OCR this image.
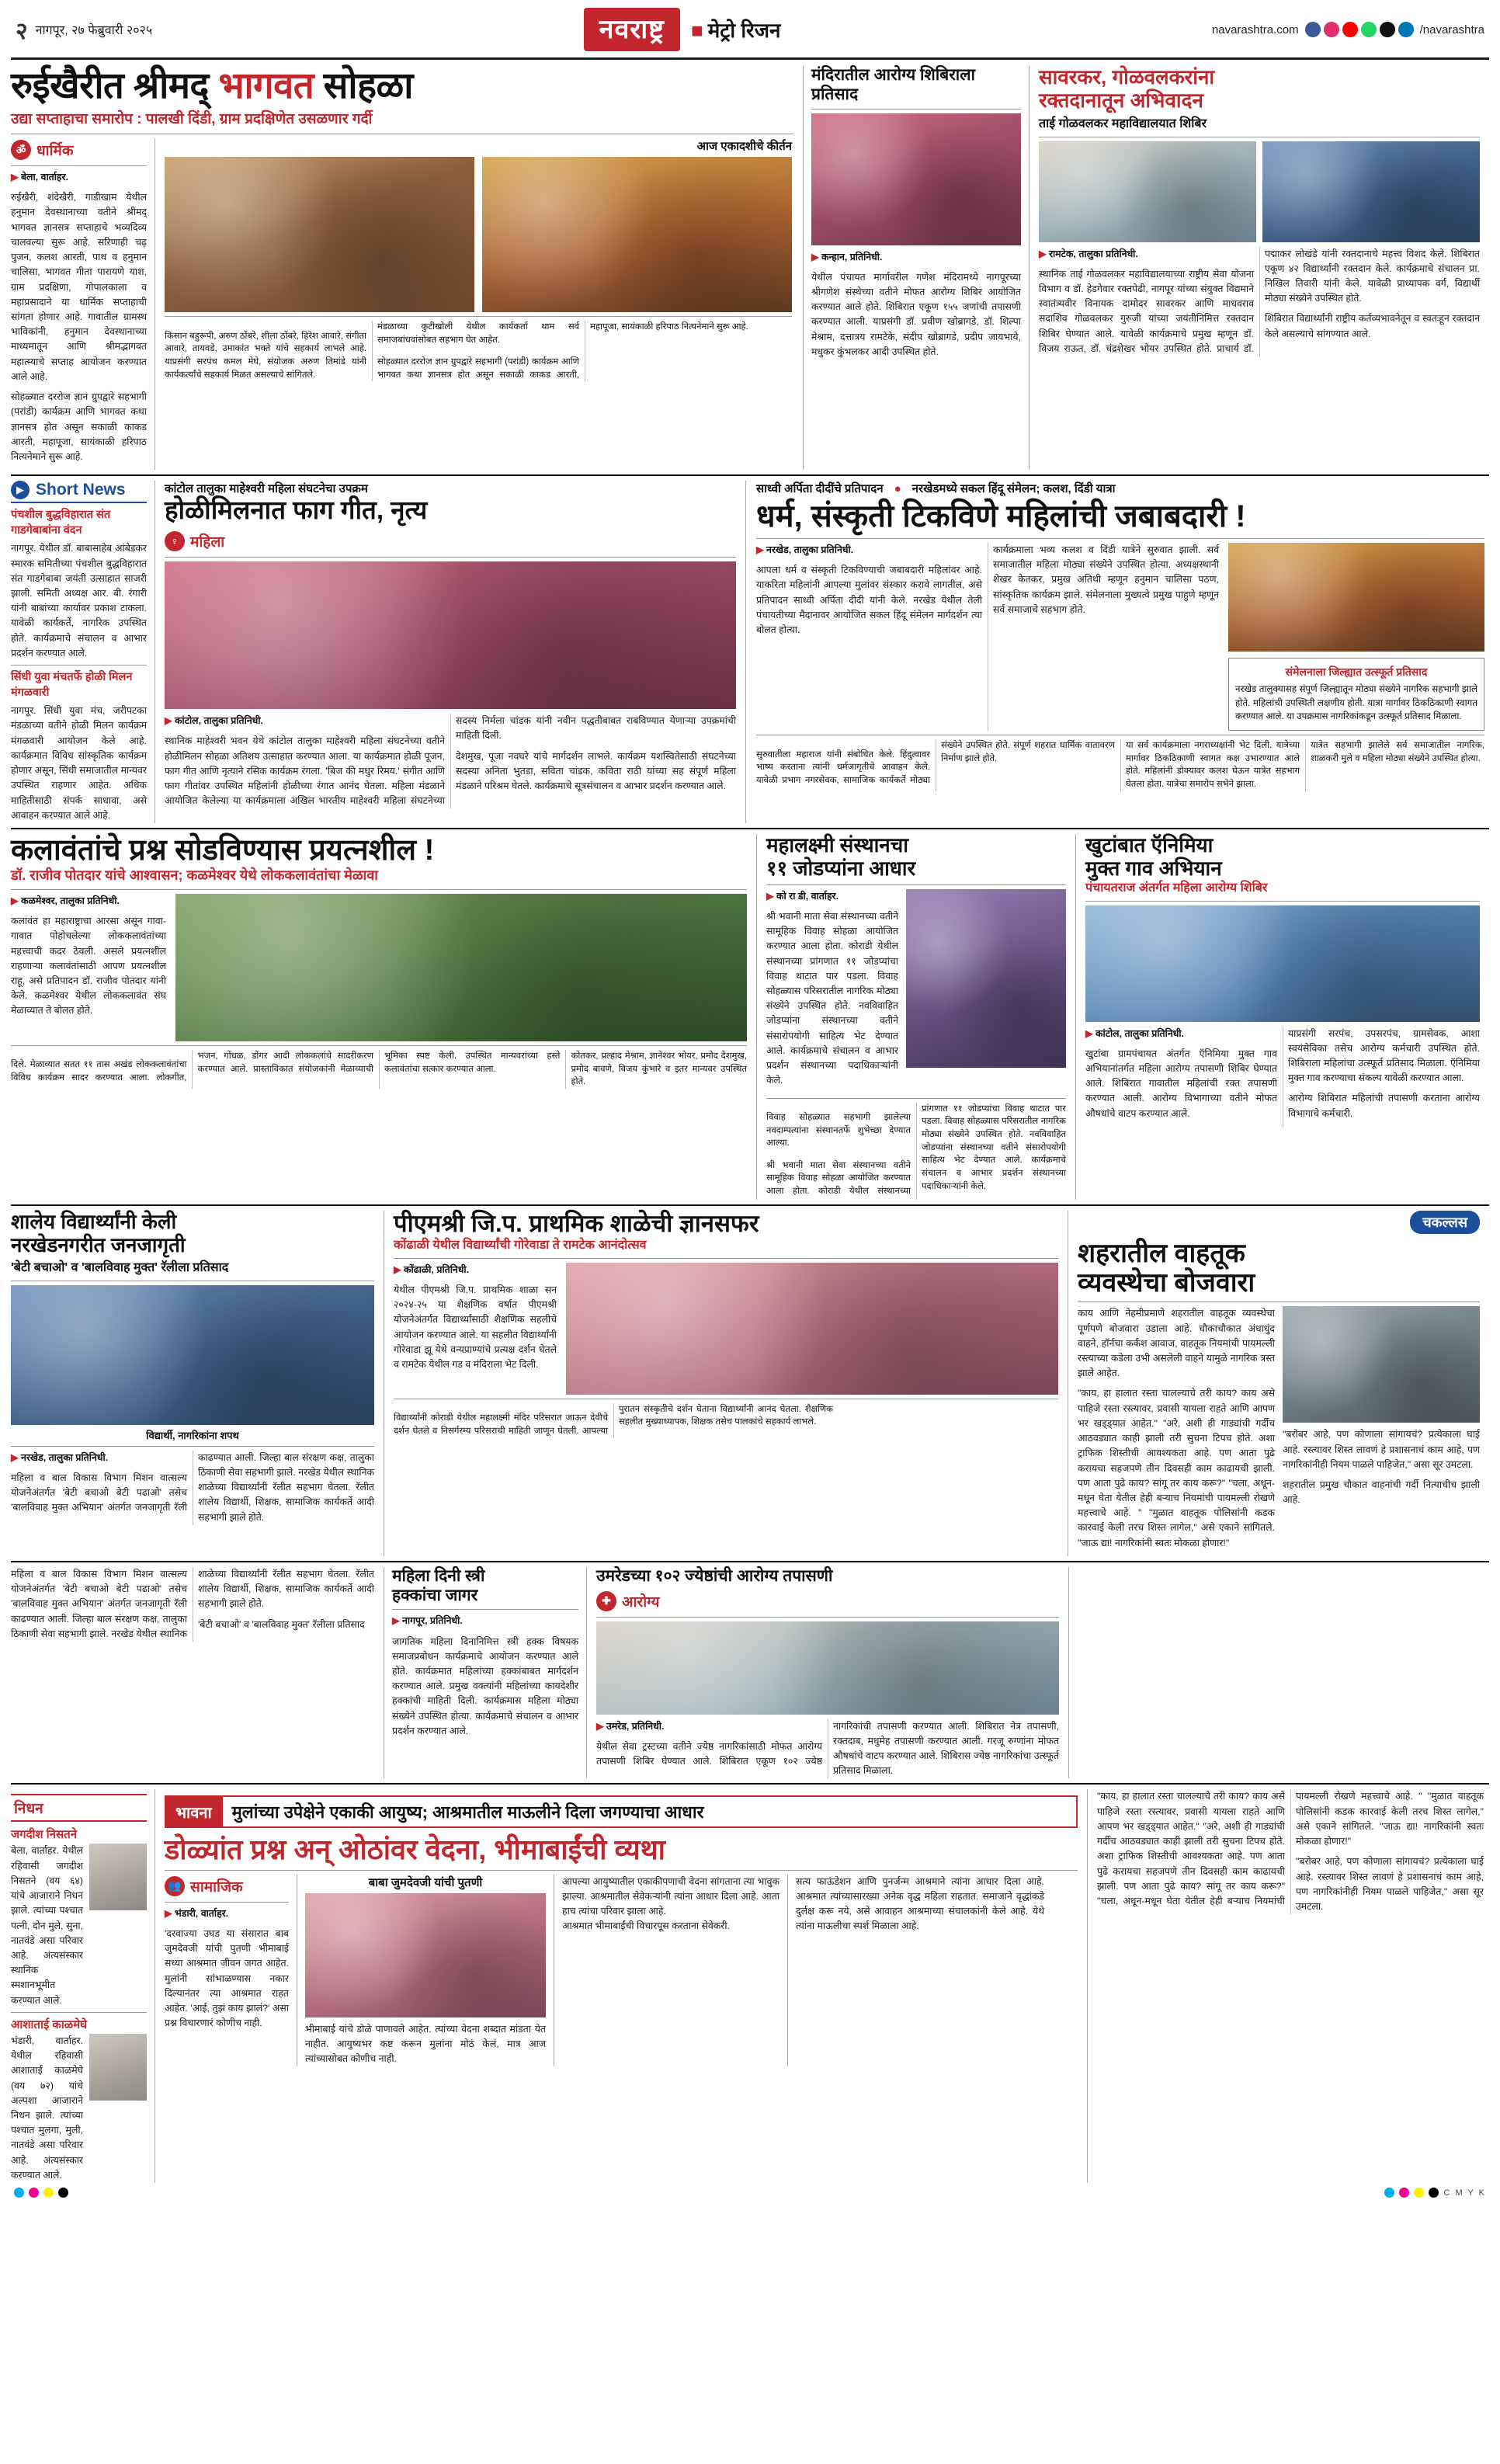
२ नागपूर, २७ फेब्रुवारी २०२५	नवराष्ट्र	■ मेट्रो रिजन	navarashtra.com	/navarashtra
रुईखैरीत श्रीमद् भागवत सोहळा
उद्या सप्ताहाचा समारोप : पालखी दिंडी, ग्राम प्रदक्षिणेत उसळणार गर्दी
ॐ धार्मिक

▶ बेला, वार्ताहर.

रुईखैरी, शंदेखैरी, गाडीखाम येथील हनुमान देवस्थानाच्या वतीने श्रीमद् भागवत ज्ञानसत्र सप्ताहाचे भव्यदिव्य चालवल्या सुरू आहे. सरिणाही चढ़ पुजन, कलश आरती, पाथ व हनुमान चालिसा, भागवत गीता पारायणे याश, ग्राम प्रदक्षिणा, गोपालकाला व महाप्रसादाने या धार्मिक सप्ताहाची सांगता होणार आहे. गावातील ग्रामस्थ भाविकांनी, हनुमान देवस्थानाच्या माध्यमातून आणि श्रीमद्भागवत महात्म्याचे सप्ताह आयोजन करण्यात आले आहे.

सोहळ्यात दररोज ज्ञान ग्रुपद्वारे सहभागी (परांडी) कार्यक्रम आणि भागवत कथा ज्ञानसत्र होत असून सकाळी काकड आरती, महापूजा, सायंकाळी हरिपाठ नित्यनेमाने सुरू आहे.

आज एकादशीचे कीर्तन

किसान बहुरूपी, अरुण ठोंबरे, शीला ठोंबरे, हिरेश आवारे, संगीता आवारे, तायवडे, उमाकांत भक्ते यांचे सहकार्य लाभले आहे. याप्रसंगी सरपंच कमल मेघे, संयोजक अरुण तिमांडे यांनी कार्यकर्त्यांचे सहकार्य मिळत असल्याचे सांगितले.

मंडळाच्या कुटीखोली येथील कार्यकर्ता थाम सर्व समाजबांधवांसोबत सहभाग घेत आहेत.

सोहळ्यात दररोज ज्ञान ग्रुपद्वारे सहभागी (परांडी) कार्यक्रम आणि भागवत कथा ज्ञानसत्र होत असून सकाळी काकड आरती, महापूजा, सायंकाळी हरिपाठ नित्यनेमाने सुरू आहे.

मंदिरातील आरोग्य शिबिराला प्रतिसाद

▶ कन्हान, प्रतिनिधी.

येथील पंचायत मार्गावरील गणेश मंदिरामध्ये नागपूरच्या श्रीगणेश संस्थेच्या वतीने मोफत आरोग्य शिबिर आयोजित करण्यात आले होते. शिबिरात एकूण १५५ जणांची तपासणी करण्यात आली. याप्रसंगी डॉ. प्रवीण खोब्रागडे, डॉ. शिल्पा मेश्राम, दत्तात्रय रामटेके, संदीप खोब्रागडे, प्रदीप जायभाये, मधुकर कुंभलकर आदी उपस्थित होते.

सावरकर, गोळवलकरांना
रक्तदानातून अभिवादन
ताई गोळवलकर महाविद्यालयात शिबिर

▶ रामटेक, तालुका प्रतिनिधी.

स्थानिक ताई गोळवलकर महाविद्यालयाच्या राष्ट्रीय सेवा योजना विभाग व डॉ. हेडगेवार रक्तपेढी, नागपूर यांच्या संयुक्त विद्यमाने स्वातंत्र्यवीर विनायक दामोदर सावरकर आणि माधवराव सदाशिव गोळवलकर गुरुजी यांच्या जयंतीनिमित्त रक्तदान शिबिर घेण्यात आले. यावेळी कार्यक्रमाचे प्रमुख म्हणून डॉ. विजय राऊत, डॉ. चंद्रशेखर भोयर उपस्थित होते. प्राचार्य डॉ. पद्माकर लोखंडे यांनी रक्तदानाचे महत्त्व विशद केले. शिबिरात एकूण ४२ विद्यार्थ्यांनी रक्तदान केले. कार्यक्रमाचे संचालन प्रा. निखिल तिवारी यांनी केले. यावेळी प्राध्यापक वर्ग, विद्यार्थी मोठ्या संख्येने उपस्थित होते.

शिबिरात विद्यार्थ्यांनी राष्ट्रीय कर्तव्यभावनेतून व स्वतःहून रक्तदान केले असल्याचे सांगण्यात आले.

▶ Short News
पंचशील बुद्धविहारात संत गाडगेबाबांना वंदन
नागपूर. येथील डॉ. बाबासाहेब आंबेडकर स्मारक समितीच्या पंचशील बुद्धविहारात संत गाडगेबाबा जयंती उत्साहात साजरी झाली. समिती अध्यक्ष आर. बी. रंगारी यांनी बाबांच्या कार्यावर प्रकाश टाकला. यावेळी कार्यकर्ते, नागरिक उपस्थित होते. कार्यक्रमाचे संचालन व आभार प्रदर्शन करण्यात आले.
सिंधी युवा मंचतर्फे होळी मिलन मंगळवारी
नागपूर. सिंधी युवा मंच, जरीपटका मंडळाच्या वतीने होळी मिलन कार्यक्रम मंगळवारी आयोजन केले आहे. कार्यक्रमात विविध सांस्कृतिक कार्यक्रम होणार असून, सिंधी समाजातील मान्यवर उपस्थित राहणार आहेत. अधिक माहितीसाठी संपर्क साधावा, असे आवाहन करण्यात आले आहे.
कांटोल तालुका माहेश्वरी महिला संघटनेचा उपक्रम
होळीमिलनात फाग गीत, नृत्य
♀ महिला

▶ कांटोल, तालुका प्रतिनिधी.

स्थानिक माहेश्वरी भवन येथे कांटोल तालुका माहेश्वरी महिला संघटनेच्या वतीने होळीमिलन सोहळा अतिशय उत्साहात करण्यात आला. या कार्यक्रमात होळी पूजन, फाग गीत आणि नृत्याने रसिक कार्यक्रम रंगला. 'बिज की मधुर रिमय.' संगीत आणि फाग गीतांवर उपस्थित महिलांनी होळीच्या रंगात आनंद घेतला. महिला मंडळाने आयोजित केलेल्या या कार्यक्रमाला अखिल भारतीय माहेश्वरी महिला संघटनेच्या सदस्य निर्मला चांडक यांनी नवीन पद्धतीबाबत राबविण्यात येणाऱ्या उपक्रमांची माहिती दिली.

देशमुख, पूजा नवघरे यांचे मार्गदर्शन लाभले. कार्यक्रम यशस्वितेसाठी संघटनेच्या सदस्या अनिता भुतडा, सविता चांडक, कविता राठी यांच्या सह संपूर्ण महिला मंडळाने परिश्रम घेतले. कार्यक्रमाचे सूत्रसंचालन व आभार प्रदर्शन करण्यात आले.

साध्वी अर्पिता दीदींचे प्रतिपादन ● नरखेडमध्ये सकल हिंदू संमेलन; कलश, दिंडी यात्रा
धर्म, संस्कृती टिकविणे महिलांची जबाबदारी !

▶ नरखेड, तालुका प्रतिनिधी.

आपला धर्म व संस्कृती टिकविण्याची जबाबदारी महिलांवर आहे. याकरिता महिलांनी आपल्या मुलांवर संस्कार करावे लागतील, असे प्रतिपादन साध्वी अर्पिता दीदी यांनी केले. नरखेड येथील तेली पंचायतीच्या मैदानावर आयोजित सकल हिंदू संमेलन मार्गदर्शन त्या बोलत होत्या.

कार्यक्रमाला भव्य कलश व दिंडी यात्रेने सुरुवात झाली. सर्व समाजातील महिला मोठ्या संख्येने उपस्थित होत्या. अध्यक्षस्थानी शेखर केतकर, प्रमुख अतिथी म्हणून हनुमान चालिसा पठण, सांस्कृतिक कार्यक्रम झाले. संमेलनाला मुख्यत्वे प्रमुख पाहुणे म्हणून सर्व समाजाचे सहभाग होते.

संमेलनाला जिल्ह्यात उत्स्फूर्त प्रतिसाद
नरखेड तालुक्यासह संपूर्ण जिल्ह्यातून मोठ्या संख्येने नागरिक सहभागी झाले होते. महिलांची उपस्थिती लक्षणीय होती. यात्रा मार्गावर ठिकठिकाणी स्वागत करण्यात आले. या उपक्रमास नागरिकांकडून उत्स्फूर्त प्रतिसाद मिळाला.

सुरुवातीला महाराज यांनी संबोधित केले. हिंदुत्वावर भाष्य करताना त्यांनी धर्मजागृतीचे आवाहन केले. यावेळी प्रभाग नगरसेवक, सामाजिक कार्यकर्ते मोठ्या संख्येने उपस्थित होते. संपूर्ण शहरात धार्मिक वातावरण निर्माण झाले होते.

या सर्व कार्यक्रमाला नगराध्यक्षांनी भेट दिली. यात्रेच्या मार्गावर ठिकठिकाणी स्वागत कक्ष उभारण्यात आले होते. महिलांनी डोक्यावर कलश घेऊन यात्रेत सहभाग घेतला होता. यात्रेचा समारोप सभेने झाला.

यात्रेत सहभागी झालेले सर्व समाजातील नागरिक, शाळकरी मुले व महिला मोठ्या संख्येने उपस्थित होत्या.

कलावंतांचे प्रश्न सोडविण्यास प्रयत्नशील !
डॉ. राजीव पोतदार यांचे आश्वासन; कळमेश्वर येथे लोककलावंतांचा मेळावा

▶ कळमेश्वर, तालुका प्रतिनिधी.

कलावंत हा महाराष्ट्राचा आरसा असून गावा-गावात पोहोचलेल्या लोककलावंतांच्या महत्त्वाची कदर ठेवली. असले प्रयत्नशील राहणाऱ्या कलावंतांसाठी आपण प्रयत्नशील राहू, असे प्रतिपादन डॉ. राजीव पोतदार यांनी केले. कळमेश्वर येथील लोककलावंत संघ मेळाव्यात ते बोलत होते.

दिले. मेळाव्यात सतत ११ तास अखंड लोककलावंतांचा विविध कार्यक्रम सादर करण्यात आला. लोकगीत, भजन, गोंधळ, डोंगर आदी लोककलांचे सादरीकरण करण्यात आले. प्रास्ताविकात संयोजकांनी मेळाव्याची भूमिका स्पष्ट केली. उपस्थित मान्यवरांच्या हस्ते कलावंतांचा सत्कार करण्यात आला.

कोतकर, प्रल्हाद मेश्राम, ज्ञानेश्वर भोयर, प्रमोद देशमुख, प्रमोद बावणे, विजय कुंभारे व इतर मान्यवर उपस्थित होते.

महालक्ष्मी संस्थानचा
११ जोडप्यांना आधार

▶ को रा डी, वार्ताहर.

श्री भवानी माता सेवा संस्थानच्या वतीने सामूहिक विवाह सोहळा आयोजित करण्यात आला होता. कोराडी येथील संस्थानच्या प्रांगणात ११ जोडप्यांचा विवाह थाटात पार पडला. विवाह सोहळ्यास परिसरातील नागरिक मोठ्या संख्येने उपस्थित होते. नवविवाहित जोडप्यांना संस्थानच्या वतीने संसारोपयोगी साहित्य भेट देण्यात आले. कार्यक्रमाचे संचालन व आभार प्रदर्शन संस्थानच्या पदाधिकाऱ्यांनी केले.

विवाह सोहळ्यात सहभागी झालेल्या नवदाम्पत्यांना संस्थानतर्फे शुभेच्छा देण्यात आल्या.

श्री भवानी माता सेवा संस्थानच्या वतीने सामूहिक विवाह सोहळा आयोजित करण्यात आला होता. कोराडी येथील संस्थानच्या प्रांगणात ११ जोडप्यांचा विवाह थाटात पार पडला. विवाह सोहळ्यास परिसरातील नागरिक मोठ्या संख्येने उपस्थित होते. नवविवाहित जोडप्यांना संस्थानच्या वतीने संसारोपयोगी साहित्य भेट देण्यात आले. कार्यक्रमाचे संचालन व आभार प्रदर्शन संस्थानच्या पदाधिकाऱ्यांनी केले.

खुटांबात ऍनिमिया
मुक्त गाव अभियान
पंचायतराज अंतर्गत महिला आरोग्य शिबिर

▶ कांटोल, तालुका प्रतिनिधी.

खुटांबा ग्रामपंचायत अंतर्गत ऍनिमिया मुक्त गाव अभियानांतर्गत महिला आरोग्य तपासणी शिबिर घेण्यात आले. शिबिरात गावातील महिलांची रक्त तपासणी करण्यात आली. आरोग्य विभागाच्या वतीने मोफत औषधांचे वाटप करण्यात आले.

याप्रसंगी सरपंच, उपसरपंच, ग्रामसेवक, आशा स्वयंसेविका तसेच आरोग्य कर्मचारी उपस्थित होते. शिबिराला महिलांचा उत्स्फूर्त प्रतिसाद मिळाला. ऍनिमिया मुक्त गाव करण्याचा संकल्प यावेळी करण्यात आला.

आरोग्य शिबिरात महिलांची तपासणी करताना आरोग्य विभागाचे कर्मचारी.

शालेय विद्यार्थ्यांनी केली
नरखेडनगरीत जनजागृती
'बेटी बचाओ' व 'बालविवाह मुक्त' रॅलीला प्रतिसाद
विद्यार्थी, नागरिकांना शपथ

▶ नरखेड, तालुका प्रतिनिधी.

महिला व बाल विकास विभाग मिशन वात्सल्य योजनेअंतर्गत 'बेटी बचाओ बेटी पढाओ' तसेच 'बालविवाह मुक्त अभियान' अंतर्गत जनजागृती रॅली काढण्यात आली. जिल्हा बाल संरक्षण कक्ष, तालुका ठिकाणी सेवा सहभागी झाले. नरखेड येथील स्थानिक शाळेच्या विद्यार्थ्यांनी रॅलीत सहभाग घेतला. रॅलीत शालेय विद्यार्थी, शिक्षक, सामाजिक कार्यकर्ते आदी सहभागी झाले होते.

पीएमश्री जि.प. प्राथमिक शाळेची ज्ञानसफर
कोंढाळी येथील विद्यार्थ्यांची गोरेवाडा ते रामटेक आनंदोत्सव

▶ कोंढाळी, प्रतिनिधी.

येथील पीएमश्री जि.प. प्राथमिक शाळा सन २०२४-२५ या शैक्षणिक वर्षात पीएमश्री योजनेअंतर्गत विद्यार्थ्यांसाठी शैक्षणिक सहलीचे आयोजन करण्यात आले. या सहलीत विद्यार्थ्यांनी गोरेवाडा झू येथे वन्यप्राण्यांचे प्रत्यक्ष दर्शन घेतले व रामटेक येथील गड व मंदिराला भेट दिली.

विद्यार्थ्यांनी कोराडी येथील महालक्ष्मी मंदिर परिसरात जाऊन देवीचे दर्शन घेतले व निसर्गरम्य परिसराची माहिती जाणून घेतली. आपल्या पुरातन संस्कृतीचे दर्शन घेताना विद्यार्थ्यांनी आनंद घेतला. शैक्षणिक सहलीत मुख्याध्यापक, शिक्षक तसेच पालकांचे सहकार्य लाभले.

चकल्लस
शहरातील वाहतूक
व्यवस्थेचा बोजवारा

काय आणि नेहमीप्रमाणे शहरातील वाहतूक व्यवस्थेचा पूर्णपणे बोजवारा उडाला आहे. चौकाचौकात अंधाधुंद वाहने, हॉर्नचा कर्कश आवाज, वाहतूक नियमांची पायमल्ली रस्त्याच्या कडेला उभी असलेली वाहने यामुळे नागरिक त्रस्त झाले आहेत.

"काय, हा हालात रस्ता चालल्याचे तरी काय? काय असे पाहिजे रस्ता रस्त्यावर, प्रवासी यायला राहते आणि आपण भर खड्ड्यात आहेत." "अरे, अशी ही गाड्यांची गर्दीच आठवड्यात काही झाली तरी सुचना टिपच होते. अशा ट्राफिक शिस्तीची आवश्यकता आहे. पण आता पुढे करायचा सहजपणे तीन दिवसही काम काढायची झाली. पण आता पुढे काय? सांगू तर काय करू?" "चला, अधून-मधून घेता येतील हेही बऱ्याच नियमांची पायमल्ली रोखणे महत्त्वाचे आहे. " "मुळात वाहतूक पोलिसांनी कडक कारवाई केली तरच शिस्त लागेल," असे एकाने सांगितले. "जाऊ द्या! नागरिकांनी स्वतः मोकळा होणार!"

"बरोबर आहे, पण कोणाला सांगायचं? प्रत्येकाला घाई आहे. रस्त्यावर शिस्त लावणं हे प्रशासनाचं काम आहे, पण नागरिकांनीही नियम पाळले पाहिजेत," असा सूर उमटला.

शहरातील प्रमुख चौकात वाहनांची गर्दी नित्याचीच झाली आहे.

महिला व बाल विकास विभाग मिशन वात्सल्य योजनेअंतर्गत 'बेटी बचाओ बेटी पढाओ' तसेच 'बालविवाह मुक्त अभियान' अंतर्गत जनजागृती रॅली काढण्यात आली. जिल्हा बाल संरक्षण कक्ष, तालुका ठिकाणी सेवा सहभागी झाले. नरखेड येथील स्थानिक शाळेच्या विद्यार्थ्यांनी रॅलीत सहभाग घेतला. रॅलीत शालेय विद्यार्थी, शिक्षक, सामाजिक कार्यकर्ते आदी सहभागी झाले होते.

'बेटी बचाओ' व 'बालविवाह मुक्त' रॅलीला प्रतिसाद

महिला दिनी स्त्री
हक्कांचा जागर

▶ नागपूर, प्रतिनिधी.

जागतिक महिला दिनानिमित्त स्त्री हक्क विषयक समाजप्रबोधन कार्यक्रमाचे आयोजन करण्यात आले होते. कार्यक्रमात महिलांच्या हक्कांबाबत मार्गदर्शन करण्यात आले. प्रमुख वक्त्यांनी महिलांच्या कायदेशीर हक्कांची माहिती दिली. कार्यक्रमास महिला मोठ्या संख्येने उपस्थित होत्या. कार्यक्रमाचे संचालन व आभार प्रदर्शन करण्यात आले.

उमरेडच्या १०२ ज्येष्ठांची आरोग्य तपासणी
✚ आरोग्य

▶ उमरेड, प्रतिनिधी.

येथील सेवा ट्रस्टच्या वतीने ज्येष्ठ नागरिकांसाठी मोफत आरोग्य तपासणी शिबिर घेण्यात आले. शिबिरात एकूण १०२ ज्येष्ठ नागरिकांची तपासणी करण्यात आली. शिबिरात नेत्र तपासणी, रक्तदाब, मधुमेह तपासणी करण्यात आली. गरजू रुग्णांना मोफत औषधांचे वाटप करण्यात आले. शिबिरास ज्येष्ठ नागरिकांचा उत्स्फूर्त प्रतिसाद मिळाला.

निधन
जगदीश निसतने
बेला, वार्ताहर. येथील रहिवासी जगदीश निसतने (वय ६४) यांचे आजाराने निधन झाले. त्यांच्या पश्चात पत्नी, दोन मुले, सुना, नातवंडे असा परिवार आहे. अंत्यसंस्कार स्थानिक स्मशानभूमीत करण्यात आले.
आशाताई काळमेघे
भंडारी, वार्ताहर. येथील रहिवासी आशाताई काळमेघे (वय ७२) यांचे अल्पशा आजाराने निधन झाले. त्यांच्या पश्चात मुलगा, मुली, नातवंडे असा परिवार आहे. अंत्यसंस्कार करण्यात आले.
भावना	मुलांच्या उपेक्षेने एकाकी आयुष्य; आश्रमातील माऊलीने दिला जगण्याचा आधार
डोळ्यांत प्रश्न अन् ओठांवर वेदना, भीमाबाईंची व्यथा
👥 सामाजिक

▶ भंडारी, वार्ताहर.

'दरवाज्या उघड या संसारात बाब जुमदेवजी यांची पुतणी भीमाबाई सध्या आश्रमात जीवन जगत आहेत. मुलांनी सांभाळण्यास नकार दिल्यानंतर त्या आश्रमात राहत आहेत. 'आई, तुझं काय झालं?' असा प्रश्न विचारणारं कोणीच नाही.

बाबा जुमदेवजी यांची पुतणी
भीमाबाई यांचे डोळे पाणावले आहेत. त्यांच्या वेदना शब्दात मांडता येत नाहीत. आयुष्यभर कष्ट करून मुलांना मोठं केलं, मात्र आज त्यांच्यासोबत कोणीच नाही.
आपल्या आयुष्यातील एकाकीपणाची वेदना सांगताना त्या भावुक झाल्या. आश्रमातील सेवेकऱ्यांनी त्यांना आधार दिला आहे. आता हाच त्यांचा परिवार झाला आहे.
आश्रमात भीमाबाईंची विचारपूस करताना सेवेकरी.
सत्य फाऊंडेशन आणि पुनर्जन्म आश्रमाने त्यांना आधार दिला आहे. आश्रमात त्यांच्यासारख्या अनेक वृद्ध महिला राहतात. समाजाने वृद्धांकडे दुर्लक्ष करू नये, असे आवाहन आश्रमाच्या संचालकांनी केले आहे. येथे त्यांना माऊलीचा स्पर्श मिळाला आहे.

"काय, हा हालात रस्ता चालल्याचे तरी काय? काय असे पाहिजे रस्ता रस्त्यावर, प्रवासी यायला राहते आणि आपण भर खड्ड्यात आहेत." "अरे, अशी ही गाड्यांची गर्दीच आठवड्यात काही झाली तरी सुचना टिपच होते. अशा ट्राफिक शिस्तीची आवश्यकता आहे. पण आता पुढे करायचा सहजपणे तीन दिवसही काम काढायची झाली. पण आता पुढे काय? सांगू तर काय करू?" "चला, अधून-मधून घेता येतील हेही बऱ्याच नियमांची पायमल्ली रोखणे महत्त्वाचे आहे. " "मुळात वाहतूक पोलिसांनी कडक कारवाई केली तरच शिस्त लागेल," असे एकाने सांगितले. "जाऊ द्या! नागरिकांनी स्वतः मोकळा होणार!"

"बरोबर आहे, पण कोणाला सांगायचं? प्रत्येकाला घाई आहे. रस्त्यावर शिस्त लावणं हे प्रशासनाचं काम आहे, पण नागरिकांनीही नियम पाळले पाहिजेत," असा सूर उमटला.

C M Y K
